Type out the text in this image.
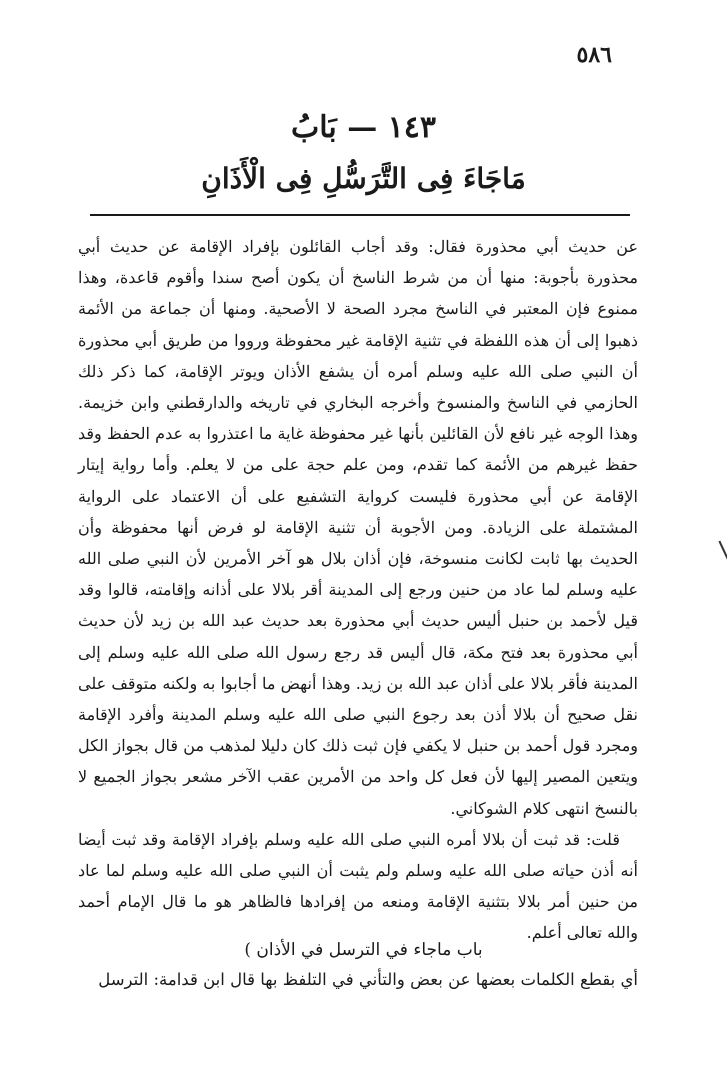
٥٨٦
١٤٣ — بَابُ
مَاجَاءَ فِى التَّرَسُّلِ فِى الْأَذَانِ

عن حديث أبي محذورة فقال: وقد أجاب القائلون بإفراد الإقامة عن حديث أبي محذورة بأجوبة: منها أن من شرط الناسخ أن يكون أصح سندا وأقوم قاعدة، وهذا ممنوع فإن المعتبر في الناسخ مجرد الصحة لا الأصحية. ومنها أن جماعة من الأئمة ذهبوا إلى أن هذه اللفظة في تثنية الإقامة غير محفوظة ورووا من طريق أبي محذورة أن النبي صلى الله عليه وسلم أمره أن يشفع الأذان ويوتر الإقامة، كما ذكر ذلك الحازمي في الناسخ والمنسوخ وأخرجه البخاري في تاريخه والدارقطني وابن خزيمة. وهذا الوجه غير نافع لأن القائلين بأنها غير محفوظة غاية ما اعتذروا به عدم الحفظ وقد حفظ غيرهم من الأئمة كما تقدم، ومن علم حجة على من لا يعلم. وأما رواية إيتار الإقامة عن أبي محذورة فليست كرواية التشفيع على أن الاعتماد على الرواية المشتملة على الزيادة. ومن الأجوبة أن تثنية الإقامة لو فرض أنها محفوظة وأن الحديث بها ثابت لكانت منسوخة، فإن أذان بلال هو آخر الأمرين لأن النبي صلى الله عليه وسلم لما عاد من حنين ورجع إلى المدينة أقر بلالا على أذانه وإقامته، قالوا وقد قيل لأحمد بن حنبل أليس حديث أبي محذورة بعد حديث عبد الله بن زيد لأن حديث أبي محذورة بعد فتح مكة، قال أليس قد رجع رسول الله صلى الله عليه وسلم إلى المدينة فأقر بلالا على أذان عبد الله بن زيد. وهذا أنهض ما أجابوا به ولكنه متوقف على نقل صحيح أن بلالا أذن بعد رجوع النبي صلى الله عليه وسلم المدينة وأفرد الإقامة ومجرد قول أحمد بن حنبل لا يكفي فإن ثبت ذلك كان دليلا لمذهب من قال بجواز الكل ويتعين المصير إليها لأن فعل كل واحد من الأمرين عقب الآخر مشعر بجواز الجميع لا بالنسخ انتهى كلام الشوكاني.

قلت: قد ثبت أن بلالا أمره النبي صلى الله عليه وسلم بإفراد الإقامة وقد ثبت أيضا أنه أذن حياته صلى الله عليه وسلم ولم يثبت أن النبي صلى الله عليه وسلم لما عاد من حنين أمر بلالا بتثنية الإقامة ومنعه من إفرادها فالظاهر هو ما قال الإمام أحمد والله تعالى أعلم.

باب ماجاء في الترسل في الأذان )
أي بقطع الكلمات بعضها عن بعض والتأني في التلفظ بها قال ابن قدامة: الترسل
